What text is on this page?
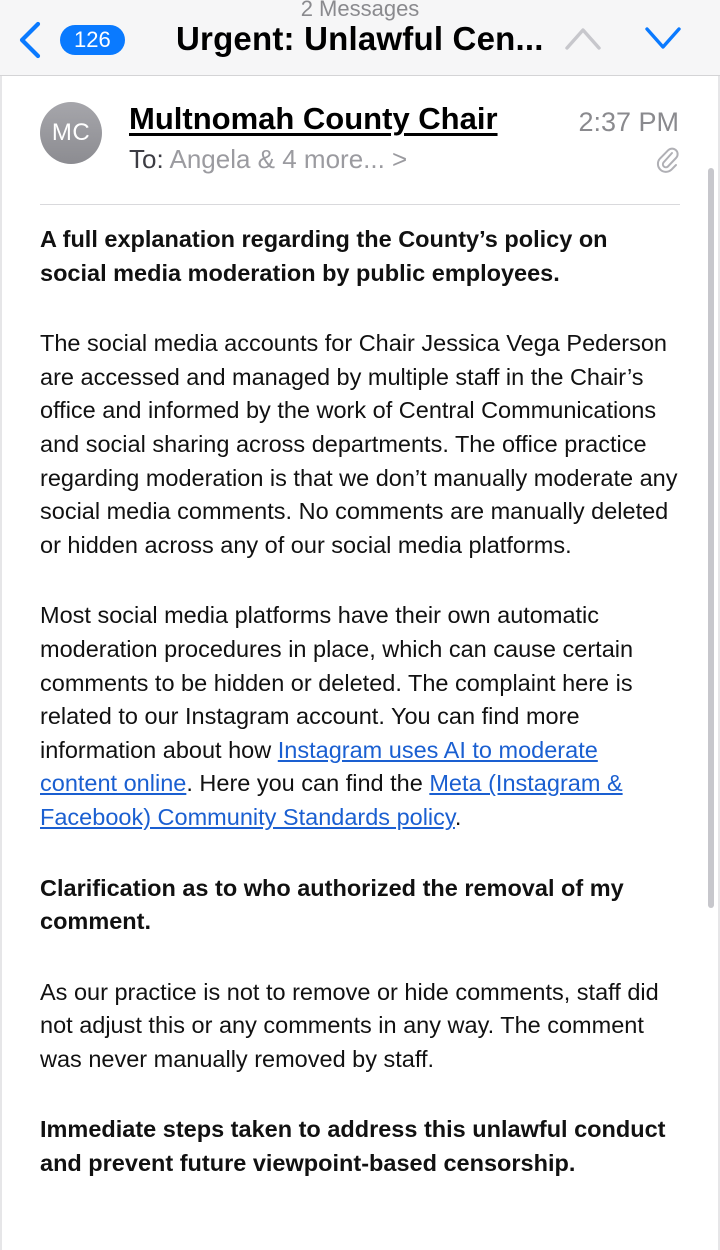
2 Messages
126	Urgent: Unlawful Cen...
MC	Multnomah County Chair	2:37 PM
To: Angela & 4 more... >

A full explanation regarding the County’s policy on social media moderation by public employees.

The social media accounts for Chair Jessica Vega Pederson are accessed and managed by multiple staff in the Chair’s office and informed by the work of Central Communications and social sharing across departments. The office practice regarding moderation is that we don’t manually moderate any social media comments. No comments are manually deleted or hidden across any of our social media platforms.

Most social media platforms have their own automatic moderation procedures in place, which can cause certain comments to be hidden or deleted. The complaint here is related to our Instagram account. You can find more information about how Instagram uses AI to moderate content online. Here you can find the Meta (Instagram & Facebook) Community Standards policy.

Clarification as to who authorized the removal of my comment.

As our practice is not to remove or hide comments, staff did not adjust this or any comments in any way. The comment was never manually removed by staff.

Immediate steps taken to address this unlawful conduct and prevent future viewpoint-based censorship.
